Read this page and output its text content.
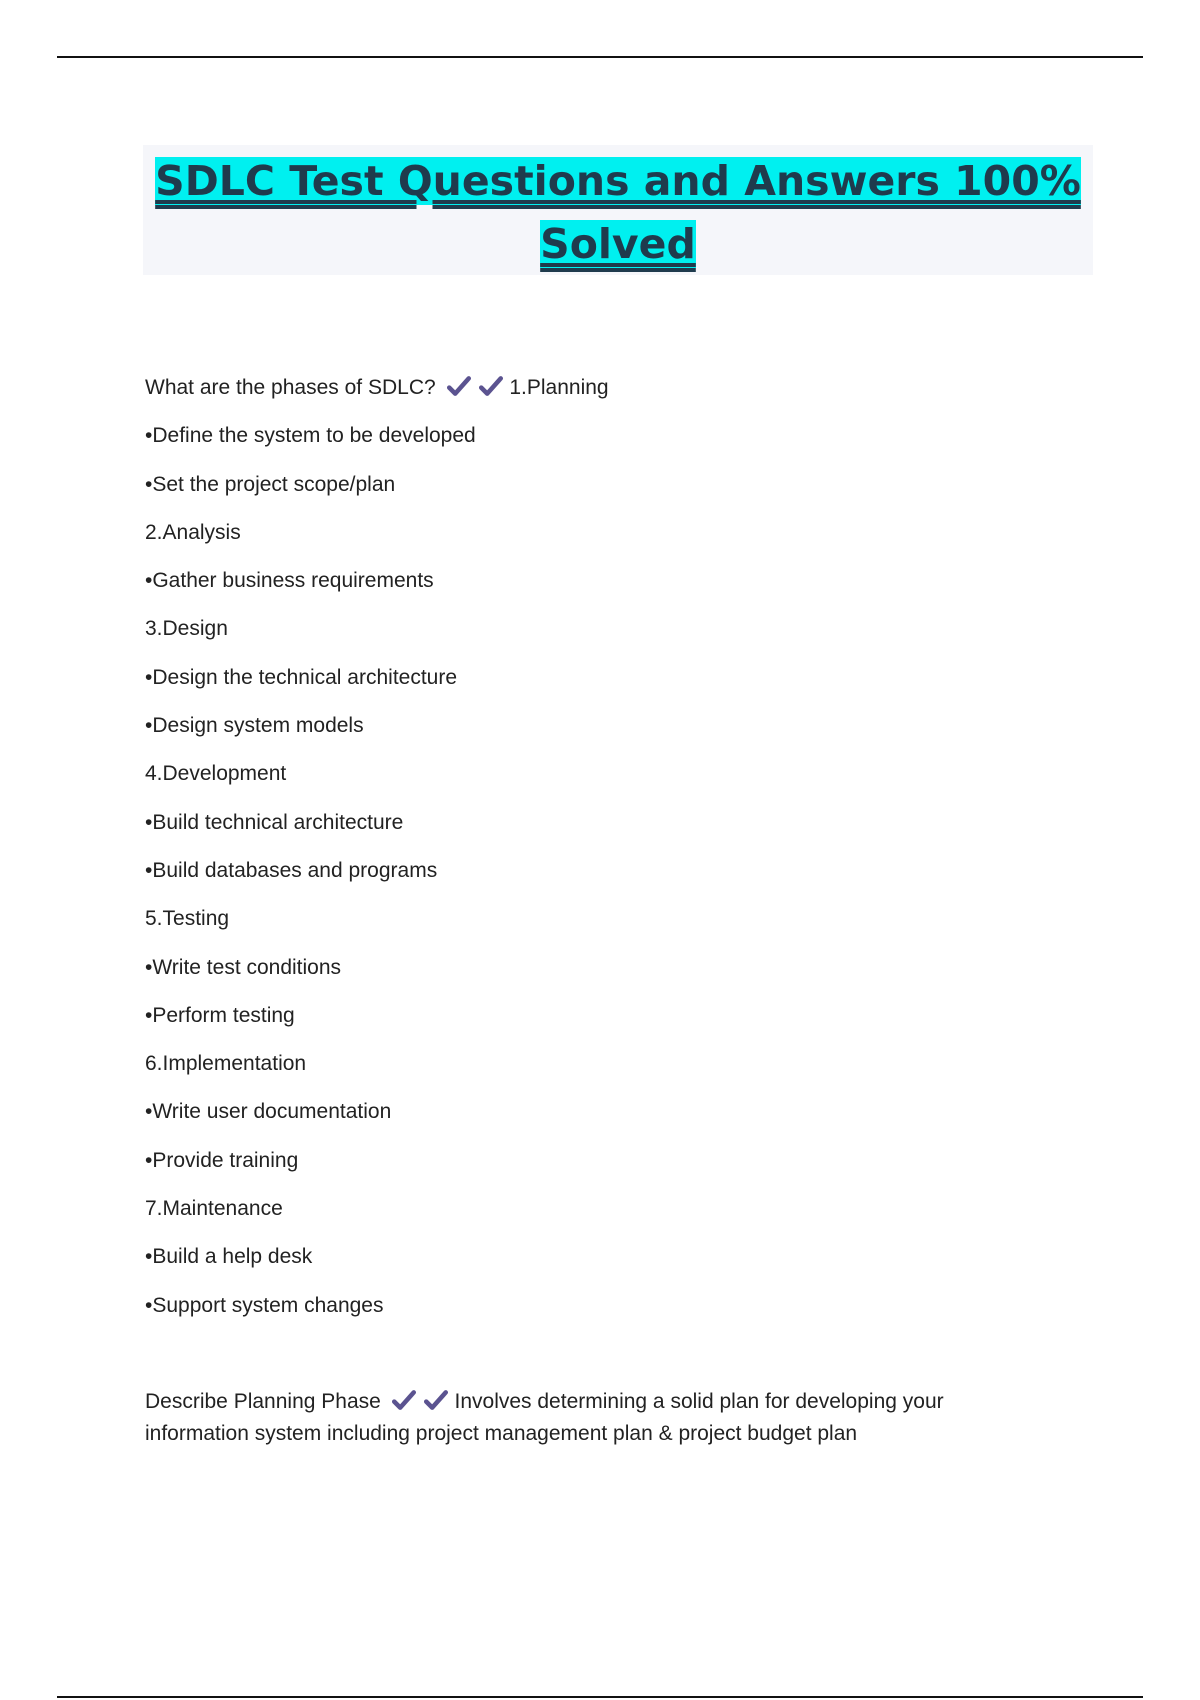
SDLC Test Questions and Answers 100%
Solved
What are the phases of SDLC?	1.Planning
•Define the system to be developed
•Set the project scope/plan
2.Analysis
•Gather business requirements
3.Design
•Design the technical architecture
•Design system models
4.Development
•Build technical architecture
•Build databases and programs
5.Testing
•Write test conditions
•Perform testing
6.Implementation
•Write user documentation
•Provide training
7.Maintenance
•Build a help desk
•Support system changes
Describe Planning Phase	Involves determining a solid plan for developing your information system including project management plan & project budget plan
